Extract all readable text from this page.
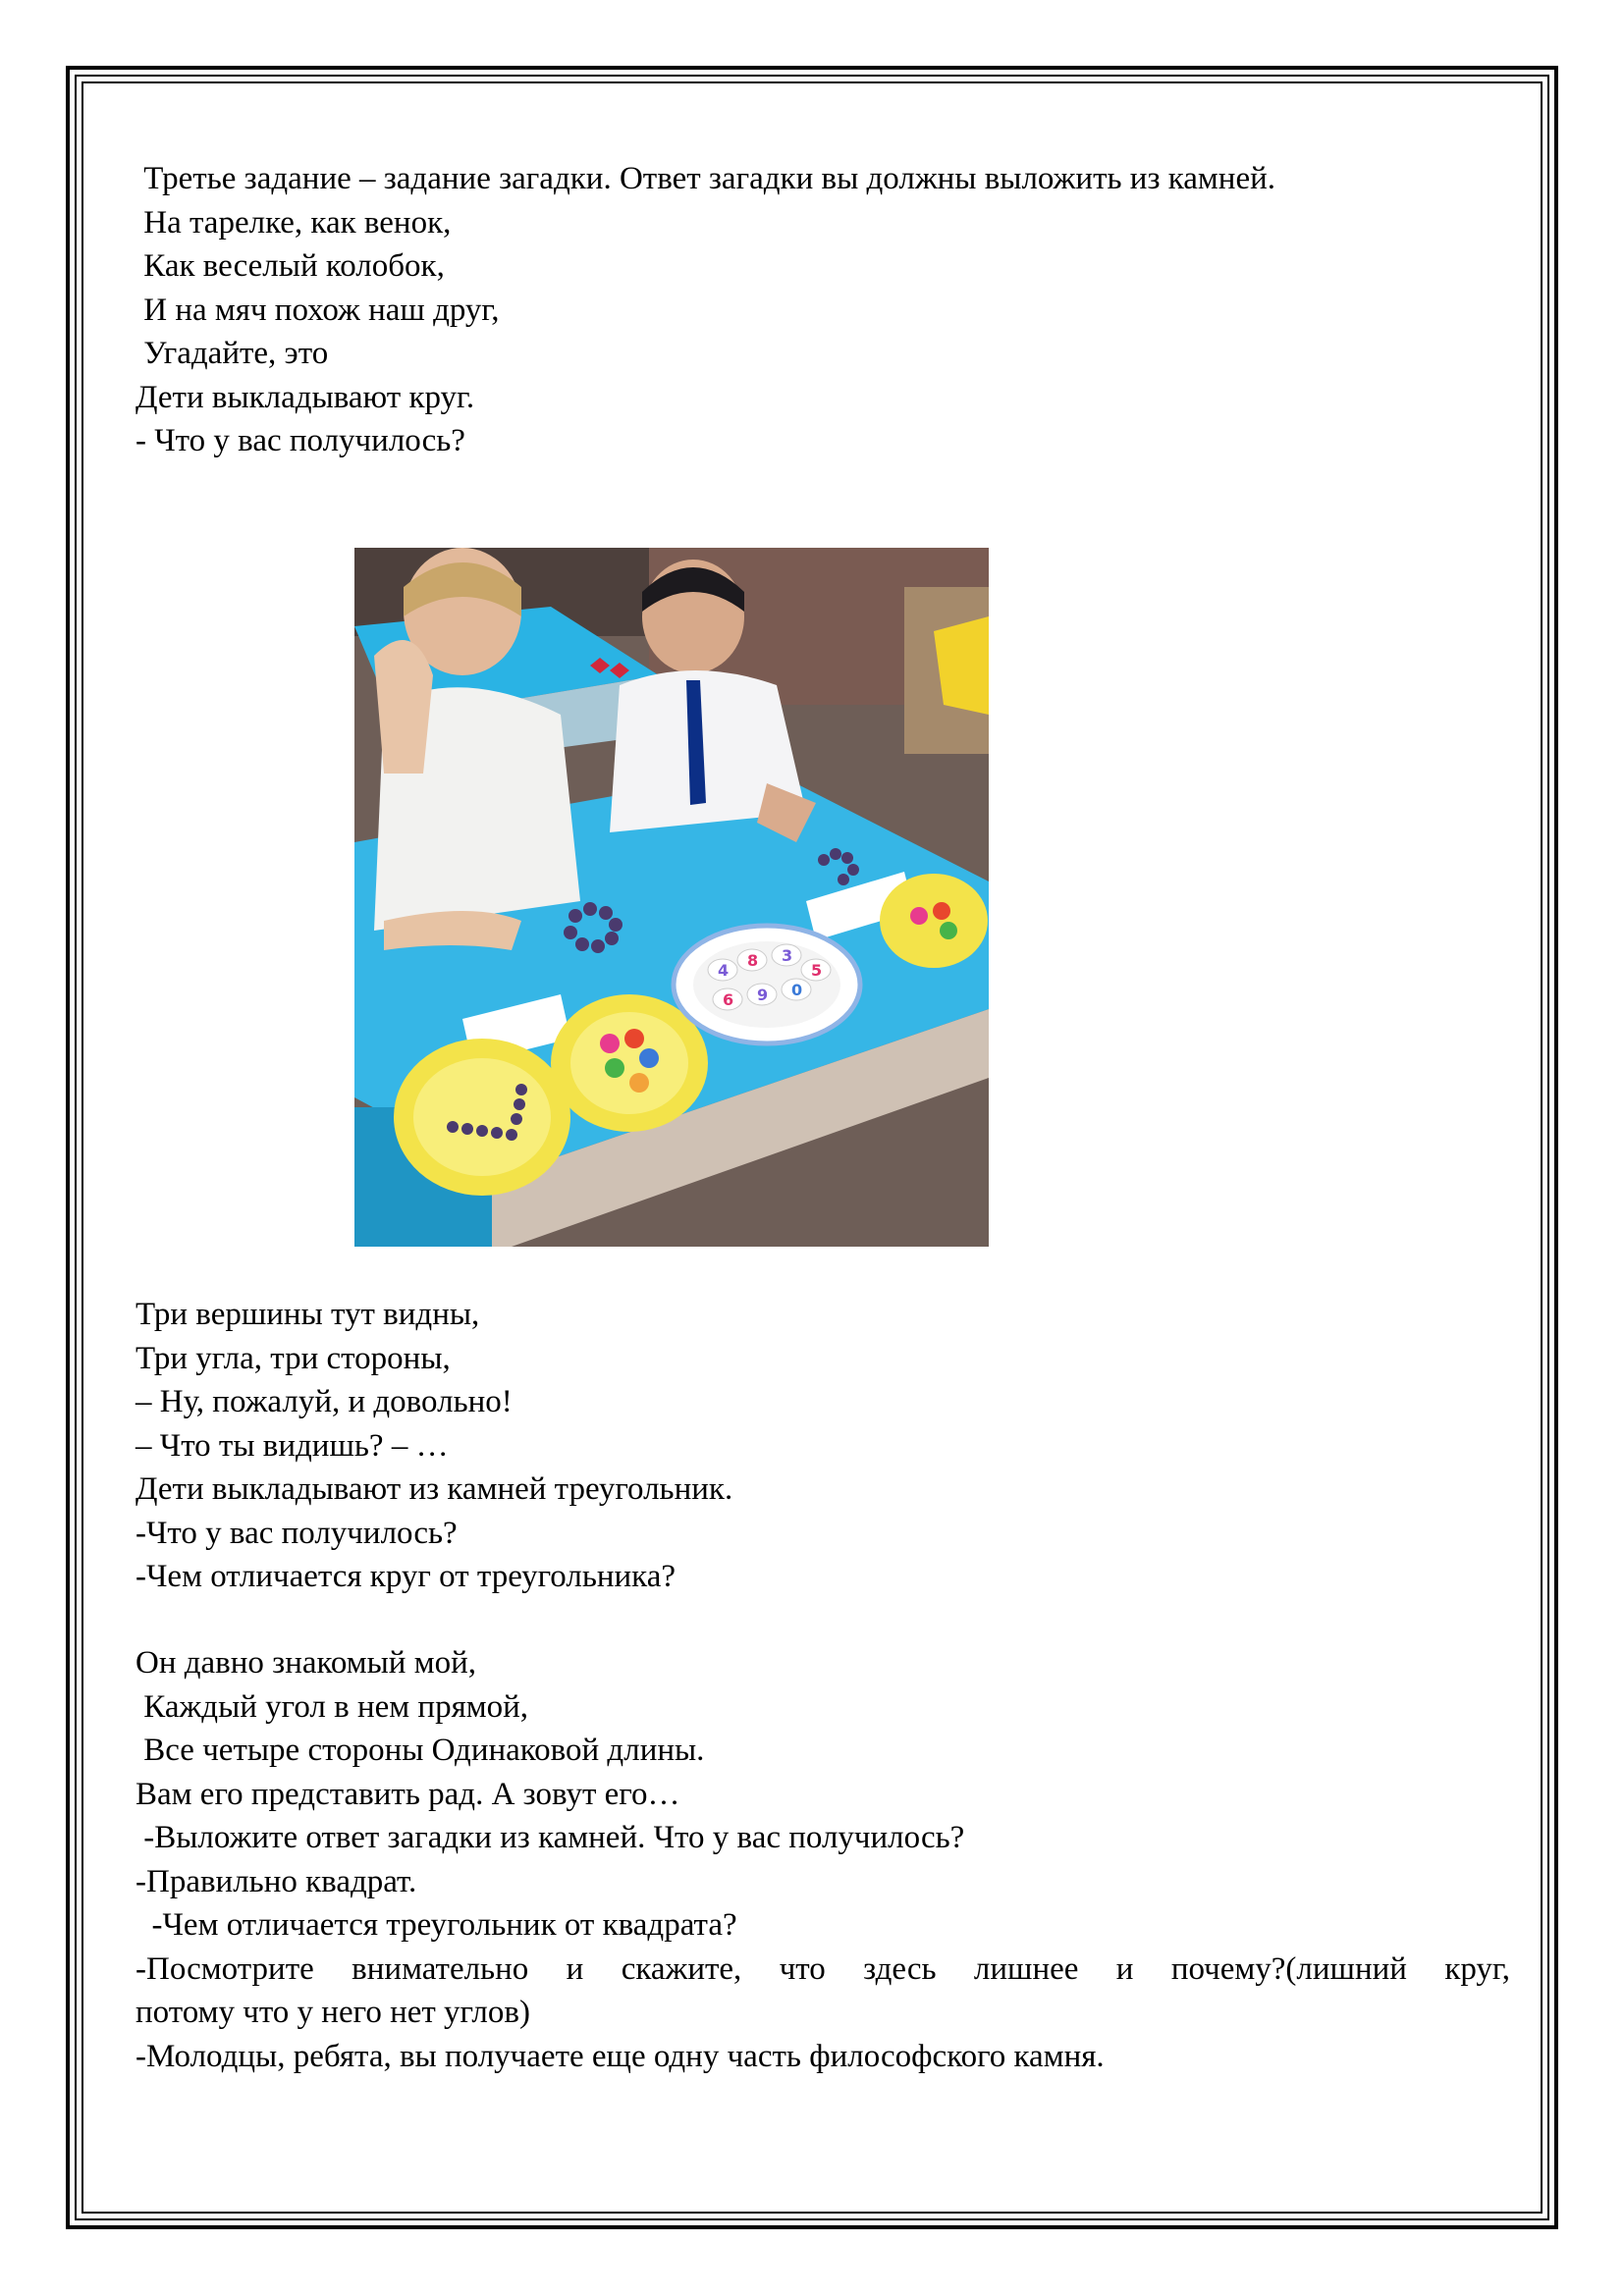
Третье задание – задание загадки. Ответ загадки вы должны выложить из камней.
На тарелке, как венок,
Как веселый колобок,
И на мяч похож наш друг,
Угадайте, это
Дети выкладывают круг.
- Что у вас получилось?
4
8 3
6 9 0
5
Три вершины тут видны,
Три угла, три стороны,
– Ну, пожалуй, и довольно!
– Что ты видишь? – …
Дети выкладывают из камней треугольник.
-Что у вас получилось?
-Чем отличается круг от треугольника?
Он давно знакомый мой,
Каждый угол в нем прямой,
Все четыре стороны Одинаковой длины.
Вам его представить рад. А зовут его…
-Выложите ответ загадки из камней. Что у вас получилось?
-Правильно квадрат.
-Чем отличается треугольник от квадрата?
-Посмотрите внимательно и скажите, что здесь лишнее и почему?(лишний круг,
потому что у него нет углов)
-Молодцы, ребята, вы получаете еще одну часть философского камня.
